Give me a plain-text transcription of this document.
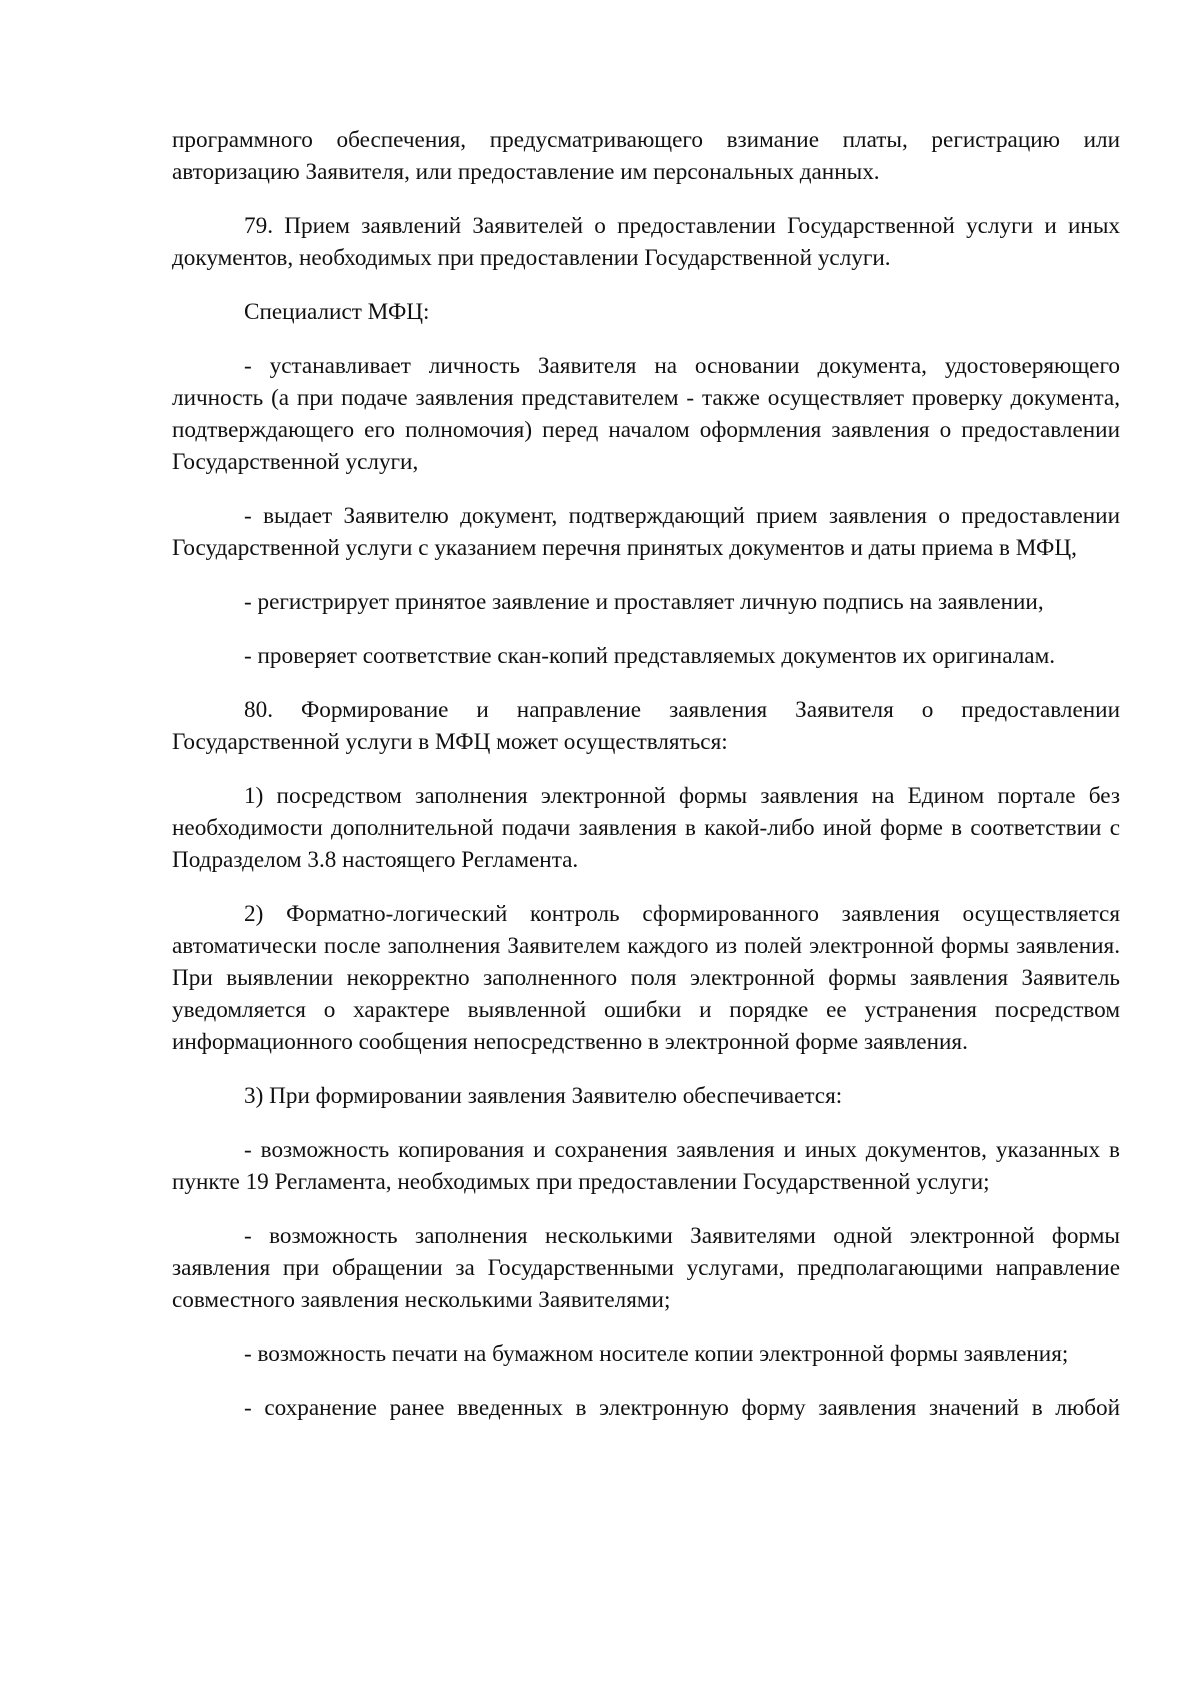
программного обеспечения, предусматривающего взимание платы, регистрацию или авторизацию Заявителя, или предоставление им персональных данных.

79. Прием заявлений Заявителей о предоставлении Государственной услуги и иных документов, необходимых при предоставлении Государственной услуги.

Специалист МФЦ:

- устанавливает личность Заявителя на основании документа, удостоверяющего личность (а при подаче заявления представителем - также осуществляет проверку документа, подтверждающего его полномочия) перед началом оформления заявления о предоставлении Государственной услуги,

- выдает Заявителю документ, подтверждающий прием заявления о предоставлении Государственной услуги с указанием перечня принятых документов и даты приема в МФЦ,

- регистрирует принятое заявление и проставляет личную подпись на заявлении,

- проверяет соответствие скан-копий представляемых документов их оригиналам.

80. Формирование и направление заявления Заявителя о предоставлении Государственной услуги в МФЦ может осуществляться:

1) посредством заполнения электронной формы заявления на Едином портале без необходимости дополнительной подачи заявления в какой-либо иной форме в соответствии с Подразделом 3.8 настоящего Регламента.

2) Форматно-логический контроль сформированного заявления осуществляется автоматически после заполнения Заявителем каждого из полей электронной формы заявления. При выявлении некорректно заполненного поля электронной формы заявления Заявитель уведомляется о характере выявленной ошибки и порядке ее устранения посредством информационного сообщения непосредственно в электронной форме заявления.

3) При формировании заявления Заявителю обеспечивается:

- возможность копирования и сохранения заявления и иных документов, указанных в пункте 19 Регламента, необходимых при предоставлении Государственной услуги;

- возможность заполнения несколькими Заявителями одной электронной формы заявления при обращении за Государственными услугами, предполагающими направление совместного заявления несколькими Заявителями;

- возможность печати на бумажном носителе копии электронной формы заявления;

- сохранение ранее введенных в электронную форму заявления значений в любой
